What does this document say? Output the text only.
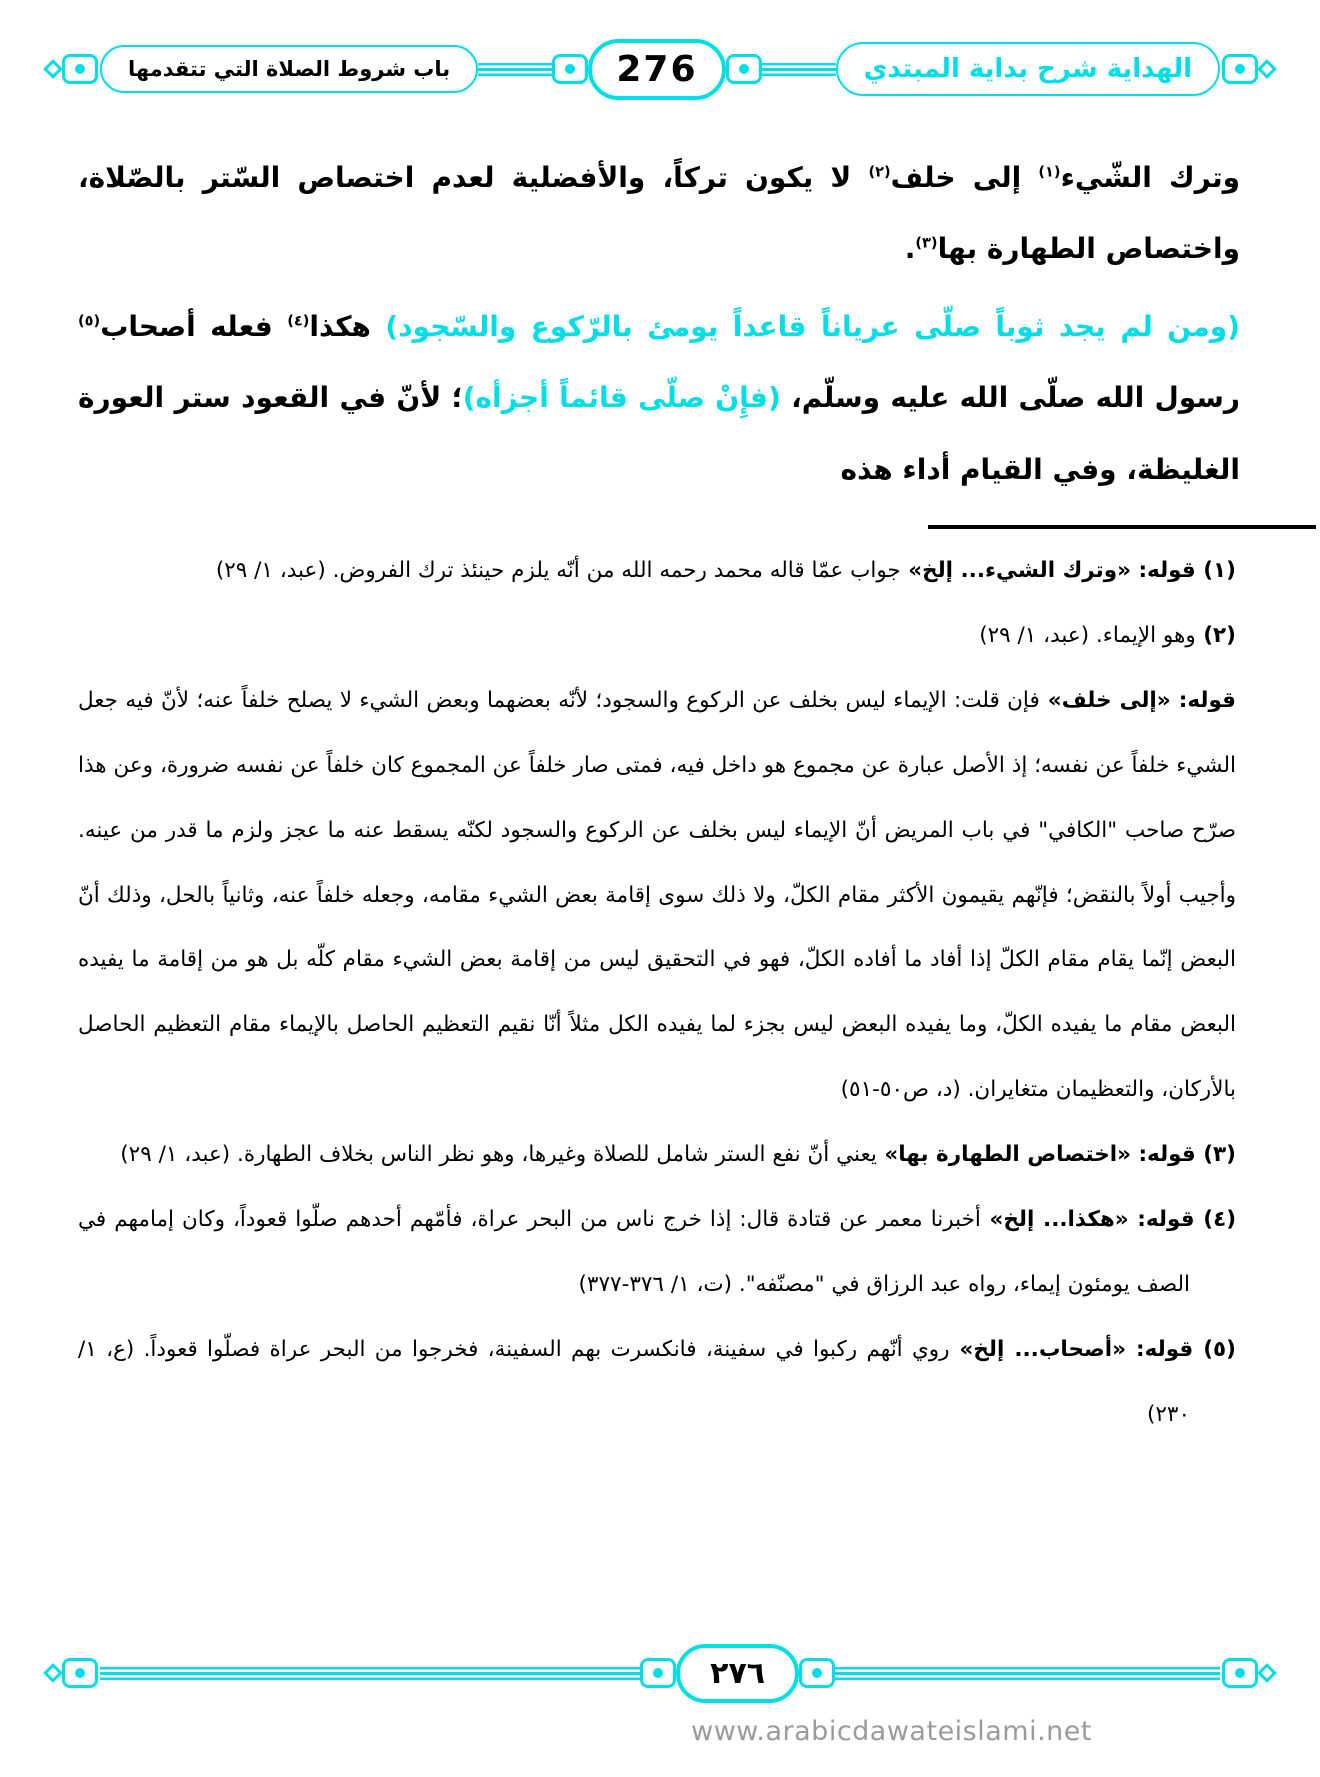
باب شروط الصلاة التي تتقدمها	276	الهداية شرح بداية المبتدي

وترك الشّيء$^{(١)}$ إلى خلف$^{(٢)}$ لا يكون تركاً، والأفضلية لعدم اختصاص السّتر بالصّلاة، واختصاص الطهارة بها$^{(٣)}$.

(ومن لم يجد ثوباً صلّى عرياناً قاعداً يومئ بالرّكوع والسّجود) هكذا$^{(٤)}$ فعله أصحاب$^{(٥)}$ رسول الله صلّى الله عليه وسلّم، (فإِنْ صلّى قائماً أجزأه)؛ لأنّ في القعود ستر العورة الغليظة، وفي القيام أداء هذه

(١) قوله: «وترك الشيء... إلخ» جواب عمّا قاله محمد رحمه الله من أنّه يلزم حينئذ ترك الفروض. (عبد، ١/ ٢٩)

(٢) وهو الإيماء. (عبد، ١/ ٢٩)

قوله: «إلى خلف» فإن قلت: الإيماء ليس بخلف عن الركوع والسجود؛ لأنّه بعضهما وبعض الشيء لا يصلح خلفاً عنه؛ لأنّ فيه جعل الشيء خلفاً عن نفسه؛ إذ الأصل عبارة عن مجموع هو داخل فيه، فمتى صار خلفاً عن المجموع كان خلفاً عن نفسه ضرورة، وعن هذا صرّح صاحب "الكافي" في باب المريض أنّ الإيماء ليس بخلف عن الركوع والسجود لكنّه يسقط عنه ما عجز ولزم ما قدر من عينه. وأجيب أولاً بالنقض؛ فإنّهم يقيمون الأكثر مقام الكلّ، ولا ذلك سوى إقامة بعض الشيء مقامه، وجعله خلفاً عنه، وثانياً بالحل، وذلك أنّ البعض إنّما يقام مقام الكلّ إذا أفاد ما أفاده الكلّ، فهو في التحقيق ليس من إقامة بعض الشيء مقام كلّه بل هو من إقامة ما يفيده البعض مقام ما يفيده الكلّ، وما يفيده البعض ليس بجزء لما يفيده الكل مثلاً أنّا نقيم التعظيم الحاصل بالإيماء مقام التعظيم الحاصل بالأركان، والتعظيمان متغايران. (د، ص٥٠-٥١)

(٣) قوله: «اختصاص الطهارة بها» يعني أنّ نفع الستر شامل للصلاة وغيرها، وهو نظر الناس بخلاف الطهارة. (عبد، ١/ ٢٩)

(٤) قوله: «هكذا... إلخ» أخبرنا معمر عن قتادة قال: إذا خرج ناس من البحر عراة، فأمّهم أحدهم صلّوا قعوداً، وكان إمامهم في الصف يومئون إيماء، رواه عبد الرزاق في "مصنّفه". (ت، ١/ ٣٧٦-٣٧٧)

(٥) قوله: «أصحاب... إلخ» روي أنّهم ركبوا في سفينة، فانكسرت بهم السفينة، فخرجوا من البحر عراة فصلّوا قعوداً. (ع، ١/ ٢٣٠)

٢٧٦
www.arabicdawateislami.net
